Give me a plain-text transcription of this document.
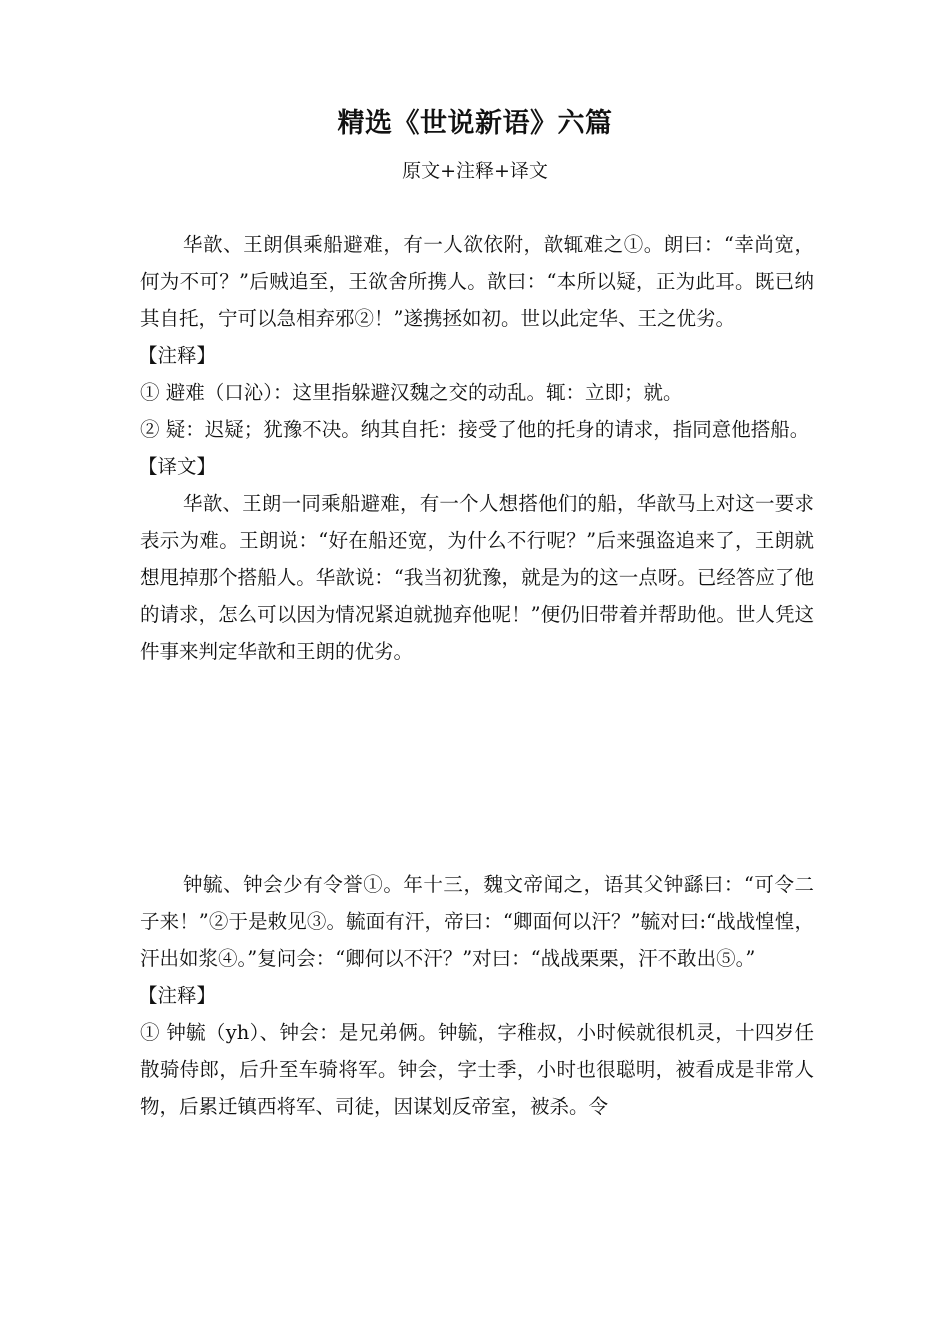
精选《世说新语》六篇
原文+注释+译文

华歆、王朗俱乘船避难，有一人欲依附，歆辄难之①。朗曰：“幸尚宽，何为不可？”后贼追至，王欲舍所携人。歆曰：“本所以疑，正为此耳。既已纳其自托，宁可以急相弃邪②！”遂携拯如初。世以此定华、王之优劣。

【注释】

① 避难（口沁）：这里指躲避汉魏之交的动乱。辄：立即；就。

② 疑：迟疑；犹豫不决。纳其自托：接受了他的托身的请求，指同意他搭船。

【译文】

华歆、王朗一同乘船避难，有一个人想搭他们的船，华歆马上对这一要求表示为难。王朗说：“好在船还宽，为什么不行呢？”后来强盗追来了，王朗就想甩掉那个搭船人。华歆说：“我当初犹豫，就是为的这一点呀。已经答应了他的请求，怎么可以因为情况紧迫就抛弃他呢！”便仍旧带着并帮助他。世人凭这件事来判定华歆和王朗的优劣。

钟毓、钟会少有令誉①。年十三，魏文帝闻之，语其父钟繇曰：“可令二子来！”②于是敕见③。毓面有汗，帝曰：“卿面何以汗？”毓对曰:“战战惶惶，汗出如浆④。”复问会：“卿何以不汗？”对曰：“战战栗栗，汗不敢出⑤。”

【注释】

① 钟毓（yh）、钟会：是兄弟俩。钟毓，字稚叔，小时候就很机灵，十四岁任散骑侍郎，后升至车骑将军。钟会，字士季，小时也很聪明，被看成是非常人物，后累迁镇西将军、司徒，因谋划反帝室，被杀。令
